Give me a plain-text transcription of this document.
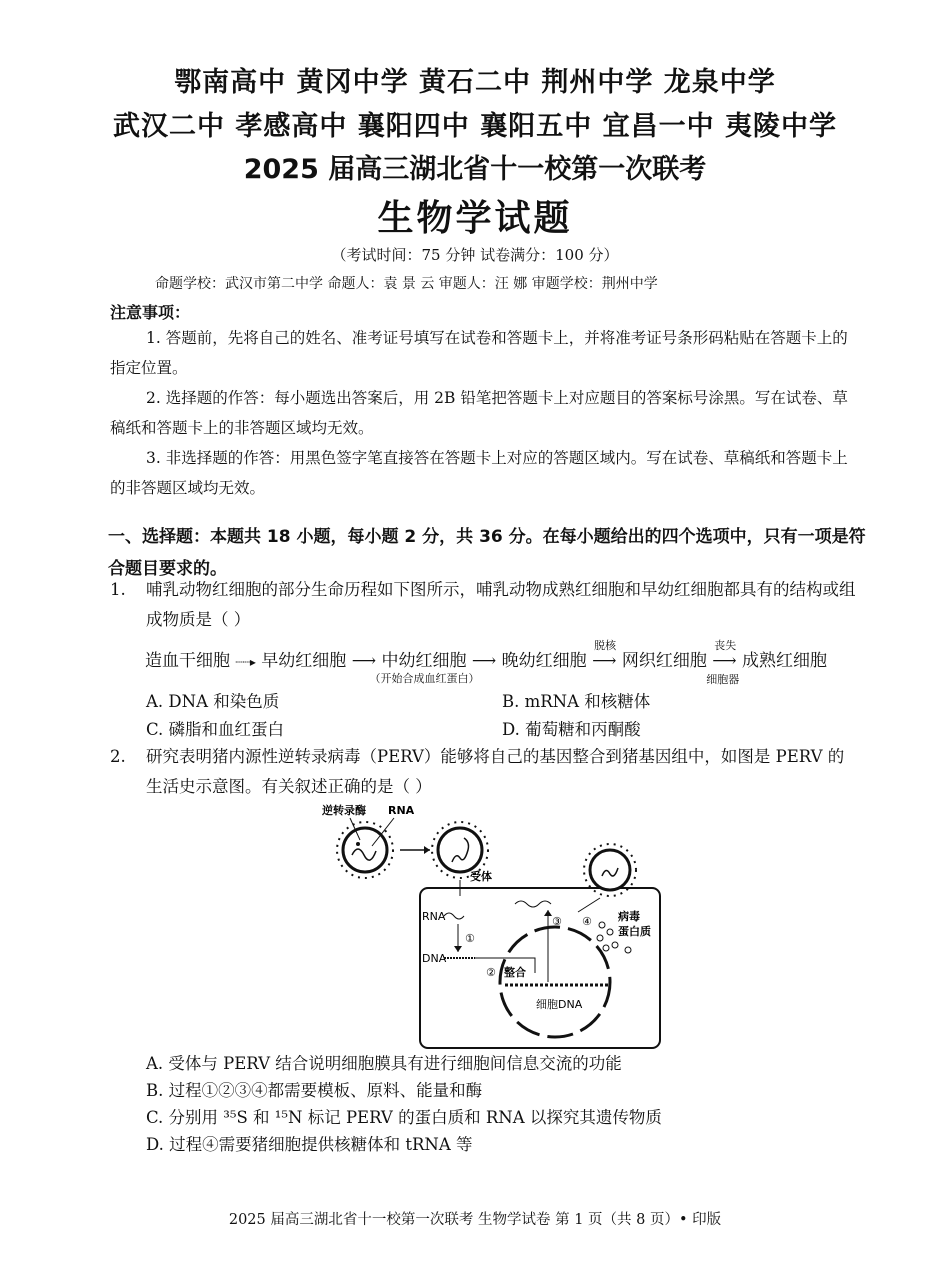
鄂南高中 黄冈中学 黄石二中 荆州中学 龙泉中学
武汉二中 孝感高中 襄阳四中 襄阳五中 宜昌一中 夷陵中学
2025 届高三湖北省十一校第一次联考
生物学试题
（考试时间：75 分钟 试卷满分：100 分）
命题学校：武汉市第二中学 命题人：袁 景 云 审题人：汪 娜 审题学校：荆州中学
注意事项：
1. 答题前，先将自己的姓名、准考证号填写在试卷和答题卡上，并将准考证号条形码粘贴在答题卡上的指定位置。
2. 选择题的作答：每小题选出答案后，用 2B 铅笔把答题卡上对应题目的答案标号涂黑。写在试卷、草稿纸和答题卡上的非答题区域均无效。
3. 非选择题的作答：用黑色签字笔直接答在答题卡上对应的答题区域内。写在试卷、草稿纸和答题卡上的非答题区域均无效。
一、选择题：本题共 18 小题，每小题 2 分，共 36 分。在每小题给出的四个选项中，只有一项是符合题目要求的。
1.	哺乳动物红细胞的部分生命历程如下图所示，哺乳动物成熟红细胞和早幼红细胞都具有的结构或组成物质是（ ）
造血干细胞 ┈┈▸ 早幼红细胞 ⟶ 中幼红细胞
（开始合成血红蛋白）
⟶ 晚幼红细胞
脱核
⟶ 网织红细胞
丧失
⟶
细胞器
成熟红细胞
A. DNA 和染色质	B. mRNA 和核糖体
C. 磷脂和血红蛋白	D. 葡萄糖和丙酮酸
2.	研究表明猪内源性逆转录病毒（PERV）能够将自己的基因整合到猪基因组中，如图是 PERV 的生活史示意图。有关叙述正确的是（ ）
逆转录酶 RNA
受体
RNA
①
DNA
② 整合
细胞DNA
③ ④ 病毒
蛋白质
A. 受体与 PERV 结合说明细胞膜具有进行细胞间信息交流的功能
B. 过程①②③④都需要模板、原料、能量和酶
C. 分别用 ³⁵S 和 ¹⁵N 标记 PERV 的蛋白质和 RNA 以探究其遗传物质
D. 过程④需要猪细胞提供核糖体和 tRNA 等
2025 届高三湖北省十一校第一次联考 生物学试卷 第 1 页（共 8 页）• 印版
